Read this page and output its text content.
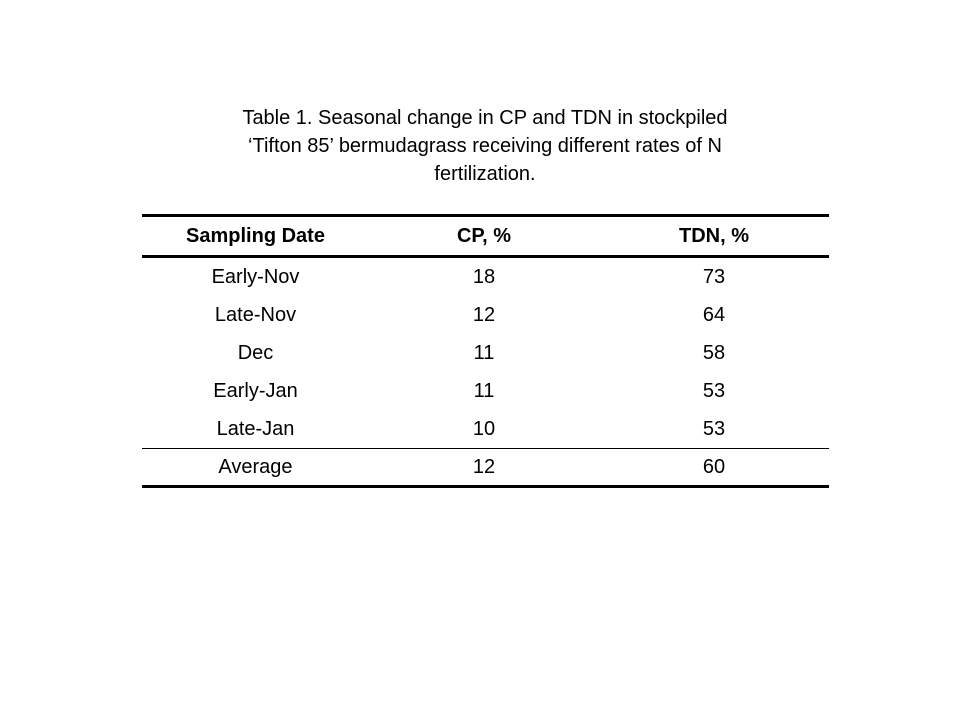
Table 1. Seasonal change in CP and TDN in stockpiled
‘Tifton 85’ bermudagrass receiving different rates of N
fertilization.
Sampling Date	CP, %	TDN, %
Early-Nov	18	73
Late-Nov	12	64
Dec	11	58
Early-Jan	11	53
Late-Jan	10	53
Average	12	60
